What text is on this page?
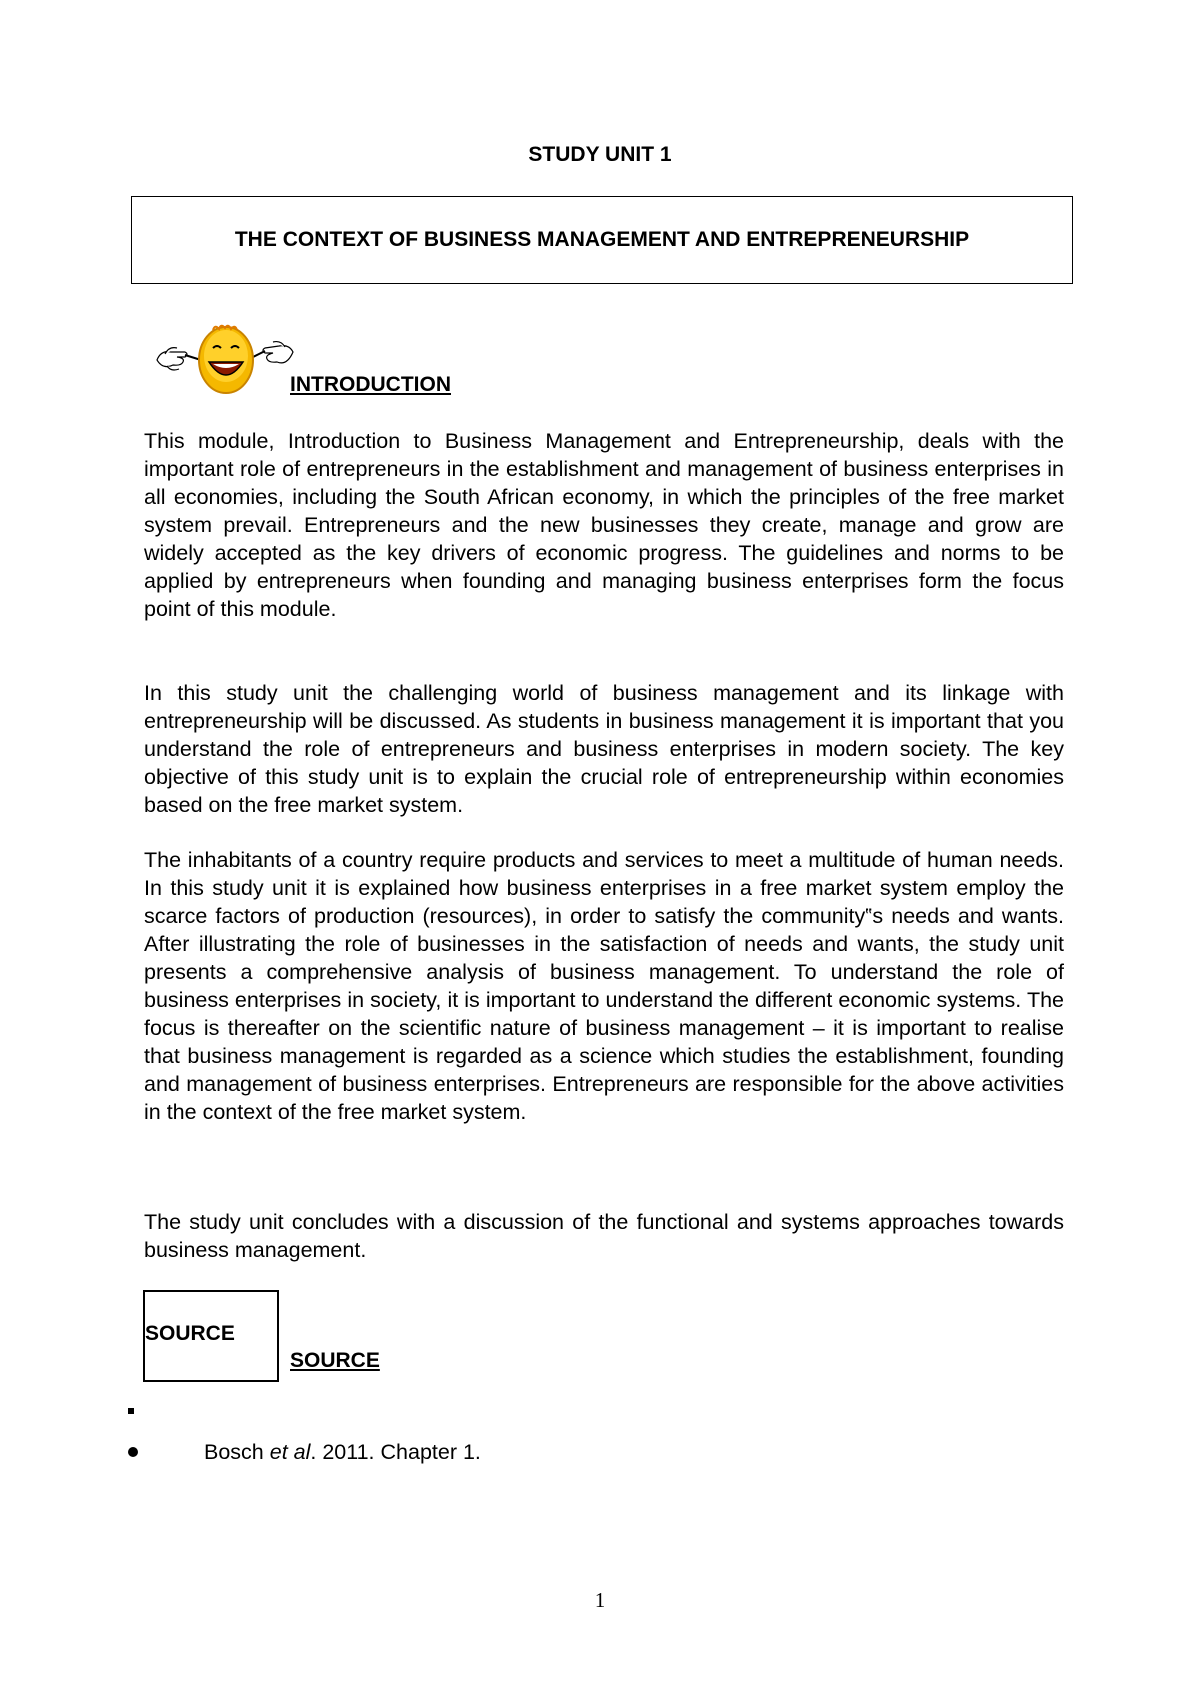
STUDY UNIT 1
THE CONTEXT OF BUSINESS MANAGEMENT AND ENTREPRENEURSHIP
INTRODUCTION

This module, Introduction to Business Management and Entrepreneurship, deals with the important role of entrepreneurs in the establishment and management of business enterprises in all economies, including the South African economy, in which the principles of the free market system prevail. Entrepreneurs and the new businesses they create, manage and grow are widely accepted as the key drivers of economic progress. The guidelines and norms to be applied by entrepreneurs when founding and managing business enterprises form the focus point of this module.

In this study unit the challenging world of business management and its linkage with entrepreneurship will be discussed. As students in business management it is important that you understand the role of entrepreneurs and business enterprises in modern society. The key objective of this study unit is to explain the crucial role of entrepreneurship within economies based on the free market system.

The inhabitants of a country require products and services to meet a multitude of human needs. In this study unit it is explained how business enterprises in a free market system employ the scarce factors of production (resources), in order to satisfy the community‟s needs and wants. After illustrating the role of businesses in the satisfaction of needs and wants, the study unit presents a comprehensive analysis of business management. To understand the role of business enterprises in society, it is important to understand the different economic systems. The focus is thereafter on the scientific nature of business management – it is important to realise that business management is regarded as a science which studies the establishment, founding and management of business enterprises. Entrepreneurs are responsible for the above activities in the context of the free market system.

The study unit concludes with a discussion of the functional and systems approaches towards business management.

SOURCE
SOURCE
Bosch et al. 2011. Chapter 1.
1
